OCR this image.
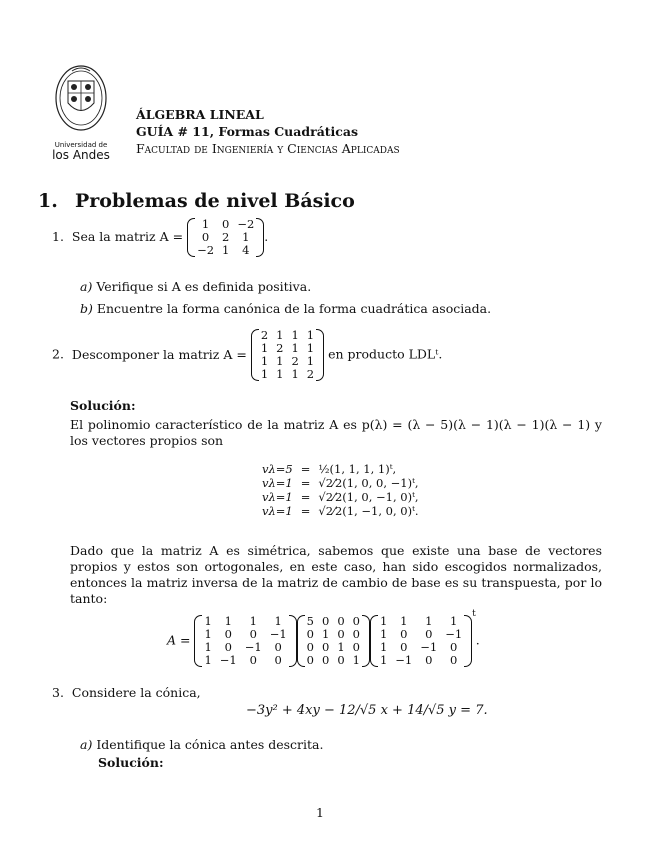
Universidad de
los Andes
ÁLGEBRA LINEAL
GUÍA # 11, Formas Cuadráticas
Facultad de Ingeniería y Ciencias Aplicadas
1. Problemas de nivel Básico
1. Sea la matriz A =
1	0	−2
0	2	1
−2	1	4
.
a) Verifique si A es definida positiva.
b) Encuentre la forma canónica de la forma cuadrática asociada.
2. Descomponer la matriz A =
2	1	1	1
1	2	1	1
1	1	2	1
1	1	1	2
en producto LDLᵗ.
Solución:
El polinomio característico de la matriz A es p(λ) = (λ − 5)(λ − 1)(λ − 1)(λ − 1) y los vectores propios son
vλ=5	=	½(1, 1, 1, 1)ᵗ,
vλ=1	=	√2⁄2(1, 0, 0, −1)ᵗ,
vλ=1	=	√2⁄2(1, 0, −1, 0)ᵗ,
vλ=1	=	√2⁄2(1, −1, 0, 0)ᵗ.
Dado que la matriz A es simétrica, sabemos que existe una base de vectores propios y estos son ortogonales, en este caso, han sido escogidos normalizados, entonces la matriz inversa de la matriz de cambio de base es su transpuesta, por lo tanto:
A =
1	1	1	1
1	0	0	−1
1	0	−1	0
1	−1	0	0
5	0	0	0
0	1	0	0
0	0	1	0
0	0	0	1
1	1	1	1
1	0	0	−1
1	0	−1	0
1	−1	0	0
$^t$.
3. Considere la cónica,
−3y² + 4xy − 12/√5 x + 14/√5 y = 7.
a) Identifique la cónica antes descrita.
Solución:
1
